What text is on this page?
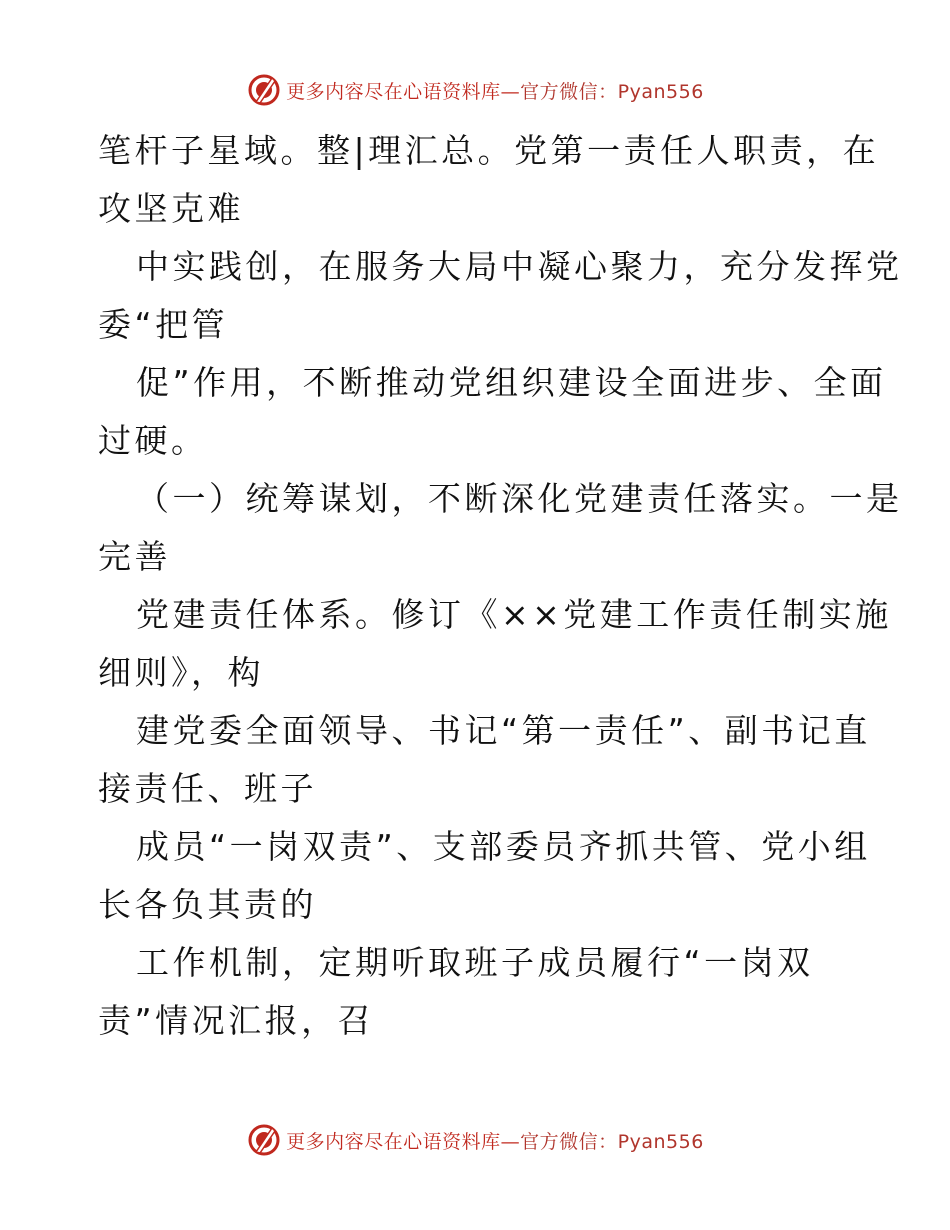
更多内容尽在心语资料库— 官方微信：Pyan556
笔杆子星域。整|理汇总。党第一责任人职责，在
攻坚克难
中实践创，在服务大局中凝心聚力，充分发挥党
委“把管
促”作用，不断推动党组织建设全面进步、全面
过硬。
（一）统筹谋划，不断深化党建责任落实。一是
完善
党建责任体系。修订《××党建工作责任制实施
细则》，构
建党委全面领导、书记“第一责任”、副书记直
接责任、班子
成员“一岗双责”、支部委员齐抓共管、党小组
长各负其责的
工作机制，定期听取班子成员履行“一岗双
责”情况汇报，召
更多内容尽在心语资料库— 官方微信：Pyan556
